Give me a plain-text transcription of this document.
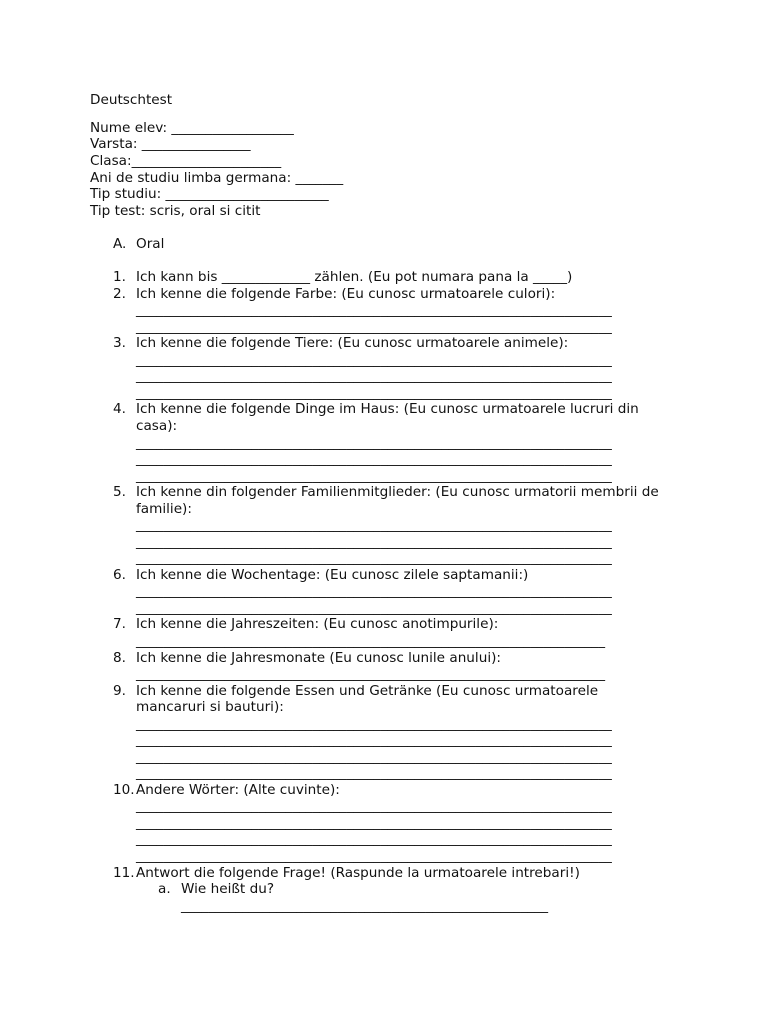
Deutschtest
Nume elev: __________________
Varsta: ________________
Clasa:______________________
Ani de studiu limba germana: _______
Tip studiu: ________________________
Tip test: scris, oral si citit
A. Oral
1. Ich kann bis _____________ zählen. (Eu pot numara pana la _____)
2. Ich kenne die folgende Farbe: (Eu cunosc urmatoarele culori):
______________________________________________________________________
______________________________________________________________________
3. Ich kenne die folgende Tiere: (Eu cunosc urmatoarele animele):
______________________________________________________________________
______________________________________________________________________
______________________________________________________________________
4. Ich kenne die folgende Dinge im Haus: (Eu cunosc urmatoarele lucruri din
casa):
______________________________________________________________________
______________________________________________________________________
______________________________________________________________________
5. Ich kenne din folgender Familienmitglieder: (Eu cunosc urmatorii membrii de
familie):
______________________________________________________________________
______________________________________________________________________
______________________________________________________________________
6. Ich kenne die Wochentage: (Eu cunosc zilele saptamanii:)
______________________________________________________________________
______________________________________________________________________
7. Ich kenne die Jahreszeiten: (Eu cunosc anotimpurile):
_____________________________________________________________________
8. Ich kenne die Jahresmonate (Eu cunosc lunile anului):
_____________________________________________________________________
9. Ich kenne die folgende Essen und Getränke (Eu cunosc urmatoarele
mancaruri si bauturi):
______________________________________________________________________
______________________________________________________________________
______________________________________________________________________
______________________________________________________________________
10. Andere Wörter: (Alte cuvinte):
______________________________________________________________________
______________________________________________________________________
______________________________________________________________________
______________________________________________________________________
11. Antwort die folgende Frage! (Raspunde la urmatoarele intrebari!)
a. Wie heißt du?
______________________________________________________
